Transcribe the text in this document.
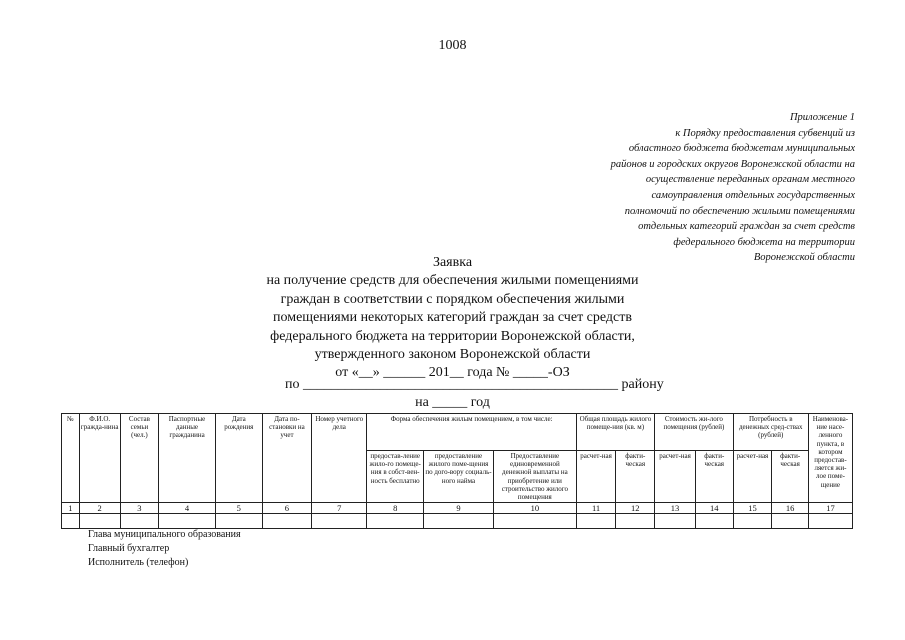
1008
Приложение 1
к Порядку предоставления субвенций из
областного бюджета бюджетам муниципальных
районов и городских округов Воронежской области на
осуществление переданных органам местного
самоуправления отдельных государственных
полномочий по обеспечению жилыми помещениями
отдельных категорий граждан за счет средств
федерального бюджета на территории
Воронежской области
Заявка
на получение средств для обеспечения жилыми помещениями
граждан в соответствии с порядком обеспечения жилыми
помещениями некоторых категорий граждан за счет средств
федерального бюджета на территории Воронежской области,
утвержденного законом Воронежской области
от «__» ______ 201__ года № _____-ОЗ
по _____________________________________________ району
на _____ год
№	Ф.И.О. гражда-нина	Состав семьи (чел.)	Паспортные данные гражданина	Дата рождения	Дата по-становки на учет	Номер учетного дела	Форма обеспечения жилым помещением, в том числе:			Общая площадь жилого помеще-ния (кв. м)		Стоимость жи-лого помещения (рублей)		Потребность в денежных сред-ствах (рублей)		Наименова-ние насе-ленного пункта, в котором предостав-ляется жи-лое поме-щение
							предостав-ление жило-го помеще-ния в собст-вен-ность бесплатно	предоставление жилого поме-щения по дого-вору социаль-ного найма	Предоставление единовременной денежной выплаты на приобретение или строительство жилого помещения	расчет-ная	факти-ческая	расчет-ная	факти-ческая	расчет-ная	факти-ческая	
1	2	3	4	5	6	7	8	9	10	11	12	13	14	15	16	17

Глава муниципального образования
Главный бухгалтер
Исполнитель (телефон)
